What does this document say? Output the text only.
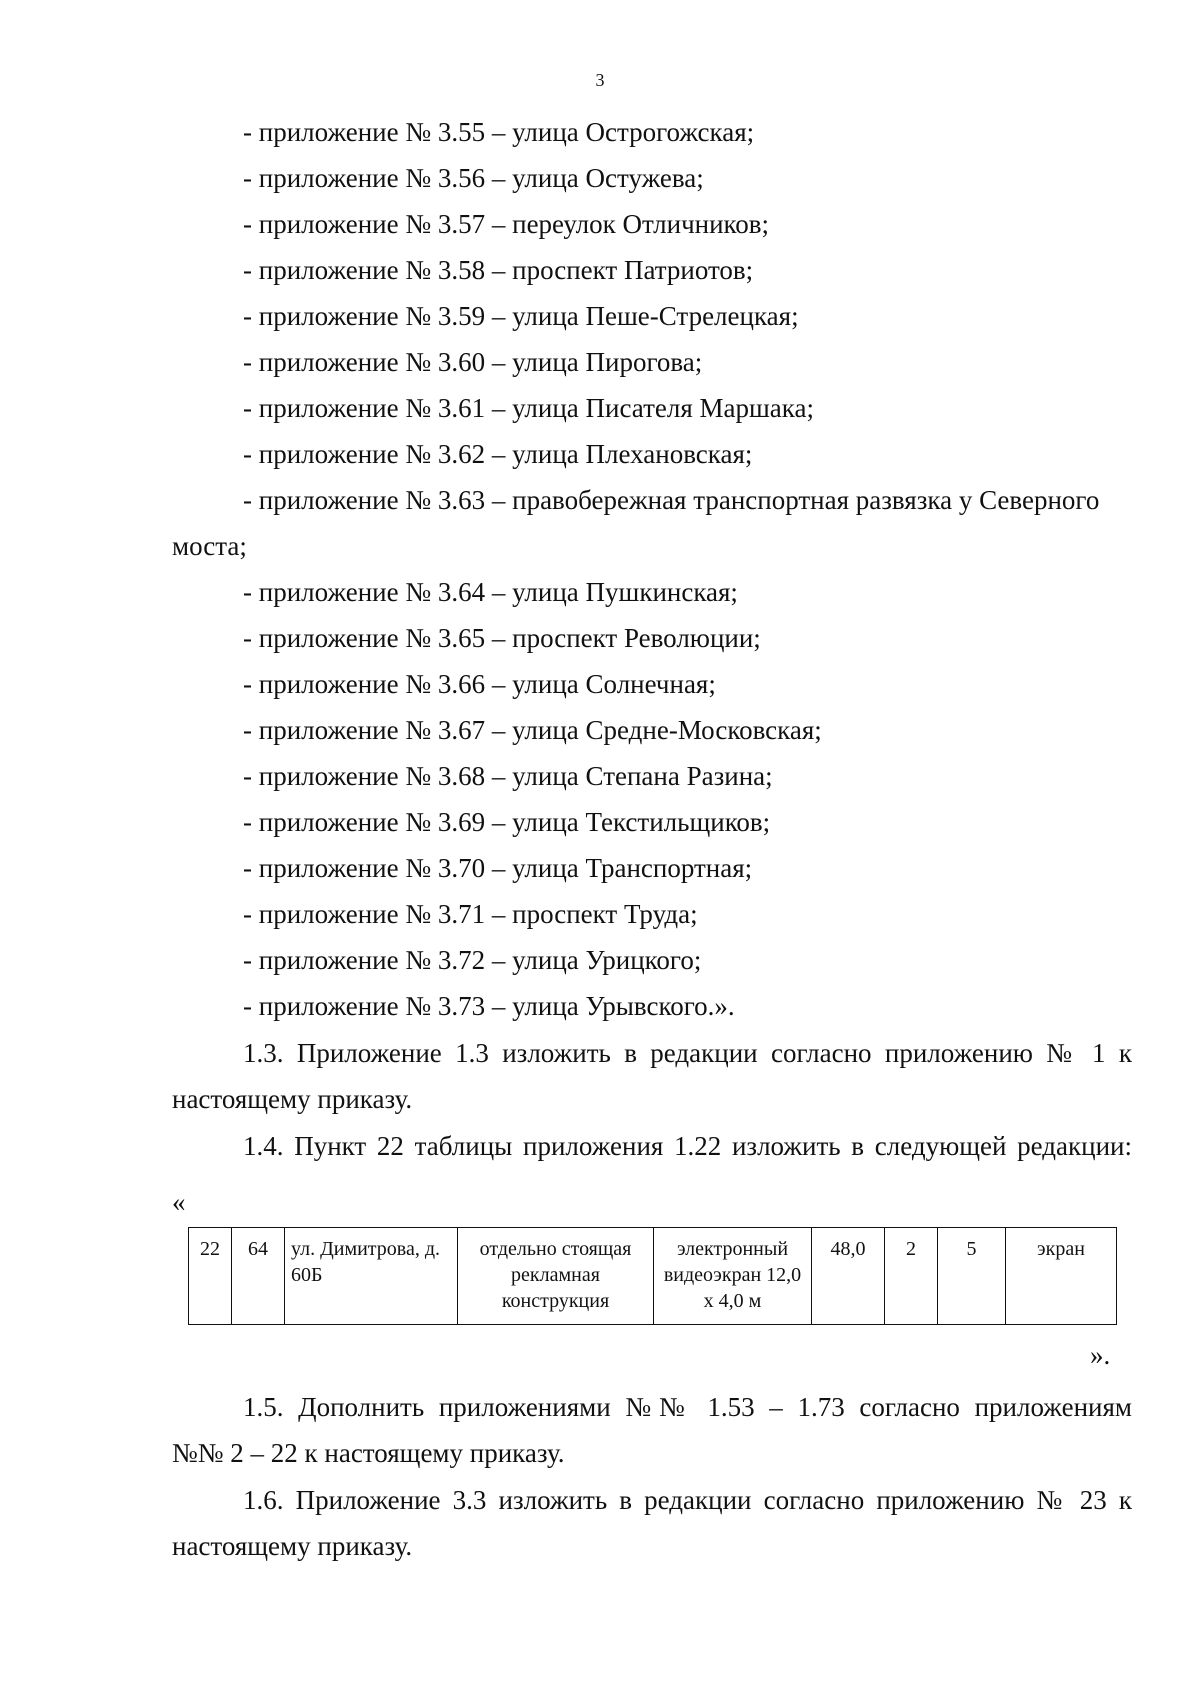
3
- приложение № 3.55 – улица Острогожская;
- приложение № 3.56 – улица Остужева;
- приложение № 3.57 – переулок Отличников;
- приложение № 3.58 – проспект Патриотов;
- приложение № 3.59 – улица Пеше-Стрелецкая;
- приложение № 3.60 – улица Пирогова;
- приложение № 3.61 – улица Писателя Маршака;
- приложение № 3.62 – улица Плехановская;
- приложение № 3.63 – правобережная транспортная развязка у Северного
моста;
- приложение № 3.64 – улица Пушкинская;
- приложение № 3.65 – проспект Революции;
- приложение № 3.66 – улица Солнечная;
- приложение № 3.67 – улица Средне-Московская;
- приложение № 3.68 – улица Степана Разина;
- приложение № 3.69 – улица Текстильщиков;
- приложение № 3.70 – улица Транспортная;
- приложение № 3.71 – проспект Труда;
- приложение № 3.72 – улица Урицкого;
- приложение № 3.73 – улица Урывского.».
1.3. Приложение 1.3 изложить в редакции согласно приложению № 1 к
настоящему приказу.
1.4. Пункт 22 таблицы приложения 1.22 изложить в следующей редакции:
«
22	64	ул. Димитрова, д. 60Б	отдельно стоящая рекламная конструкция	электронный видеоэкран 12,0 х 4,0 м	48,0	2	5	экран
».
1.5. Дополнить приложениями №№ 1.53 – 1.73 согласно приложениям
№№ 2 – 22 к настоящему приказу.
1.6. Приложение 3.3 изложить в редакции согласно приложению № 23 к
настоящему приказу.
